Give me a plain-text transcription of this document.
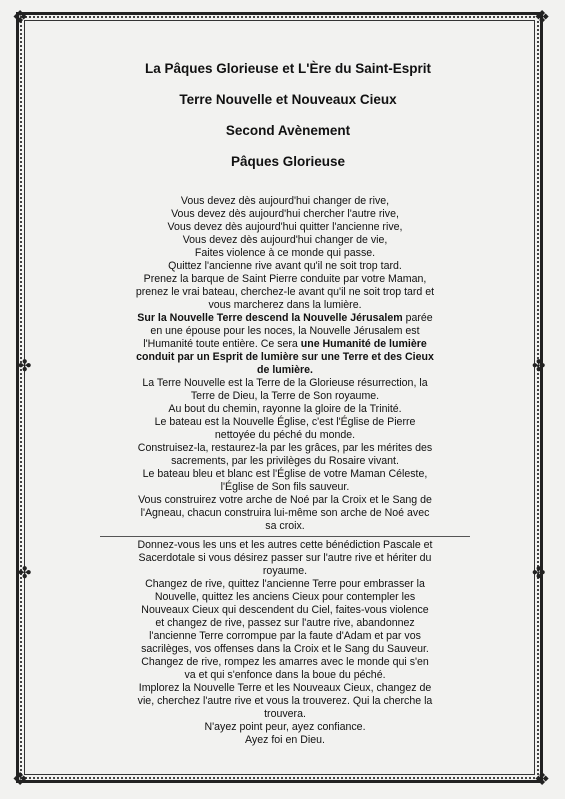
❖	❖
❖	❖
✤	✤
✤	✤
La Pâques Glorieuse et L'Ère du Saint-Esprit
Terre Nouvelle et Nouveaux Cieux
Second Avènement
Pâques Glorieuse

Vous devez dès aujourd'hui changer de rive,

Vous devez dès aujourd'hui chercher l'autre rive,

Vous devez dès aujourd'hui quitter l'ancienne rive,

Vous devez dès aujourd'hui changer de vie,

Faites violence à ce monde qui passe.

Quittez l'ancienne rive avant qu'il ne soit trop tard.

Prenez la barque de Saint Pierre conduite par votre Maman,

prenez le vrai bateau, cherchez-le avant qu'il ne soit trop tard et

vous marcherez dans la lumière.

Sur la Nouvelle Terre descend la Nouvelle Jérusalem parée

en une épouse pour les noces, la Nouvelle Jérusalem est

l'Humanité toute entière. Ce sera une Humanité de lumière

conduit par un Esprit de lumière sur une Terre et des Cieux

de lumière.

La Terre Nouvelle est la Terre de la Glorieuse résurrection, la

Terre de Dieu, la Terre de Son royaume.

Au bout du chemin, rayonne la gloire de la Trinité.

Le bateau est la Nouvelle Église, c'est l'Église de Pierre

nettoyée du péché du monde.

Construisez-la, restaurez-la par les grâces, par les mérites des

sacrements, par les privilèges du Rosaire vivant.

Le bateau bleu et blanc est l'Église de votre Maman Céleste,

l'Église de Son fils sauveur.

Vous construirez votre arche de Noé par la Croix et le Sang de

l'Agneau, chacun construira lui-même son arche de Noé avec

sa croix.

Donnez-vous les uns et les autres cette bénédiction Pascale et

Sacerdotale si vous désirez passer sur l'autre rive et hériter du

royaume.

Changez de rive, quittez l'ancienne Terre pour embrasser la

Nouvelle, quittez les anciens Cieux pour contempler les

Nouveaux Cieux qui descendent du Ciel, faites-vous violence

et changez de rive, passez sur l'autre rive, abandonnez

l'ancienne Terre corrompue par la faute d'Adam et par vos

sacrilèges, vos offenses dans la Croix et le Sang du Sauveur.

Changez de rive, rompez les amarres avec le monde qui s'en

va et qui s'enfonce dans la boue du péché.

Implorez la Nouvelle Terre et les Nouveaux Cieux, changez de

vie, cherchez l'autre rive et vous la trouverez. Qui la cherche la

trouvera.

N'ayez point peur, ayez confiance.

Ayez foi en Dieu.
